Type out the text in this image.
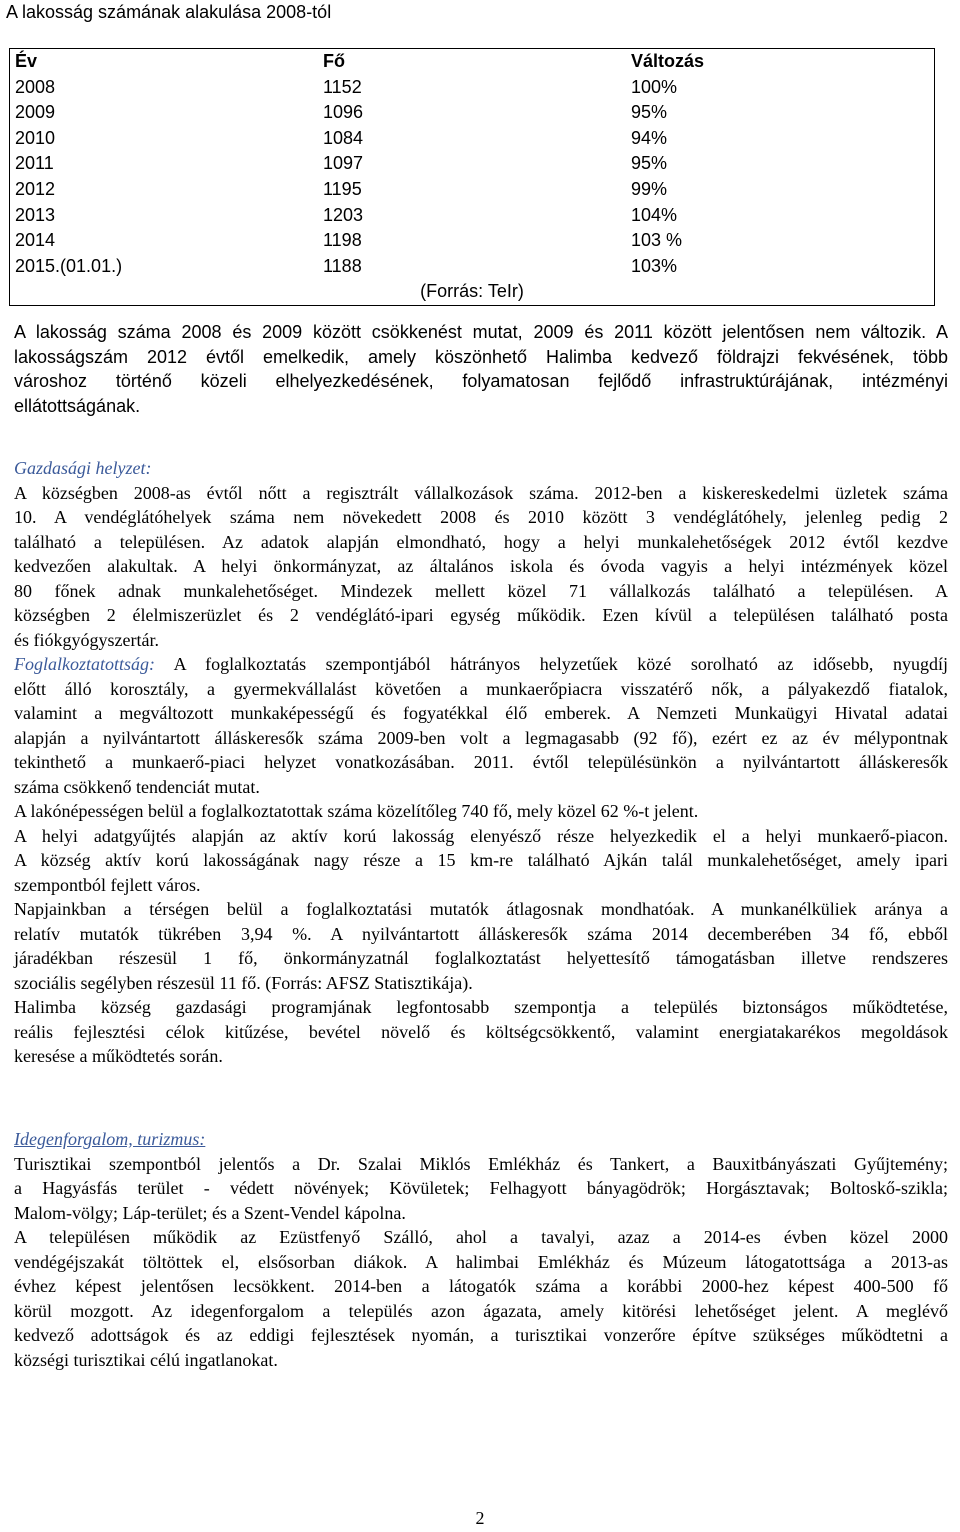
A lakosság számának alakulása 2008-tól
Év	Fő	Változás
2008	1152	100%
2009	1096	95%
2010	1084	94%
2011	1097	95%
2012	1195	99%
2013	1203	104%
2014	1198	103 %
2015.(01.01.)	1188	103%
(Forrás: TeIr)		
A lakosság száma 2008 és 2009 között csökkenést mutat, 2009 és 2011 között jelentősen nem változik. A
lakosságszám 2012 évtől emelkedik, amely köszönhető Halimba kedvező földrajzi fekvésének, több
városhoz történő közeli elhelyezkedésének, folyamatosan fejlődő infrastruktúrájának, intézményi
ellátottságának.
Gazdasági helyzet:
A községben 2008-as évtől nőtt a regisztrált vállalkozások száma. 2012-ben a kiskereskedelmi üzletek száma
10. A vendéglátóhelyek száma nem növekedett 2008 és 2010 között 3 vendéglátóhely, jelenleg pedig 2
található a településen. Az adatok alapján elmondható, hogy a helyi munkalehetőségek 2012 évtől kezdve
kedvezően alakultak. A helyi önkormányzat, az általános iskola és óvoda vagyis a helyi intézmények közel
80 főnek adnak munkalehetőséget. Mindezek mellett közel 71 vállalkozás található a településen. A
községben 2 élelmiszerüzlet és 2 vendéglátó-ipari egység működik. Ezen kívül a településen található posta
és fiókgyógyszertár.
Foglalkoztatottság: A foglalkoztatás szempontjából hátrányos helyzetűek közé sorolható az idősebb, nyugdíj
előtt álló korosztály, a gyermekvállalást követően a munkaerőpiacra visszatérő nők, a pályakezdő fiatalok,
valamint a megváltozott munkaképességű és fogyatékkal élő emberek. A Nemzeti Munkaügyi Hivatal adatai
alapján a nyilvántartott álláskeresők száma 2009-ben volt a legmagasabb (92 fő), ezért ez az év mélypontnak
tekinthető a munkaerő-piaci helyzet vonatkozásában. 2011. évtől településünkön a nyilvántartott álláskeresők
száma csökkenő tendenciát mutat.
A lakónépességen belül a foglalkoztatottak száma közelítőleg 740 fő, mely közel 62 %-t jelent.
A helyi adatgyűjtés alapján az aktív korú lakosság elenyésző része helyezkedik el a helyi munkaerő-piacon.
A község aktív korú lakosságának nagy része a 15 km-re található Ajkán talál munkalehetőséget, amely ipari
szempontból fejlett város.
Napjainkban a térségen belül a foglalkoztatási mutatók átlagosnak mondhatóak. A munkanélküliek aránya a
relatív mutatók tükrében 3,94 %. A nyilvántartott álláskeresők száma 2014 decemberében 34 fő, ebből
járadékban részesül 1 fő, önkormányzatnál foglalkoztatást helyettesítő támogatásban illetve rendszeres
szociális segélyben részesül 11 fő. (Forrás: AFSZ Statisztikája).
Halimba község gazdasági programjának legfontosabb szempontja a település biztonságos működtetése,
reális fejlesztési célok kitűzése, bevétel növelő és költségcsökkentő, valamint energiatakarékos megoldások
keresése a működtetés során.
Idegenforgalom, turizmus:
Turisztikai szempontból jelentős a Dr. Szalai Miklós Emlékház és Tankert, a Bauxitbányászati Gyűjtemény;
a Hagyásfás terület - védett növények; Kövületek; Felhagyott bányagödrök; Horgásztavak; Boltoskő-szikla;
Malom-völgy; Láp-terület; és a Szent-Vendel kápolna.
A településen működik az Ezüstfenyő Szálló, ahol a tavalyi, azaz a 2014-es évben közel 2000
vendégéjszakát töltöttek el, elsősorban diákok. A halimbai Emlékház és Múzeum látogatottsága a 2013-as
évhez képest jelentősen lecsökkent. 2014-ben a látogatók száma a korábbi 2000-hez képest 400-500 fő
körül mozgott. Az idegenforgalom a település azon ágazata, amely kitörési lehetőséget jelent. A meglévő
kedvező adottságok és az eddigi fejlesztések nyomán, a turisztikai vonzerőre építve szükséges működtetni a
községi turisztikai célú ingatlanokat.
2
